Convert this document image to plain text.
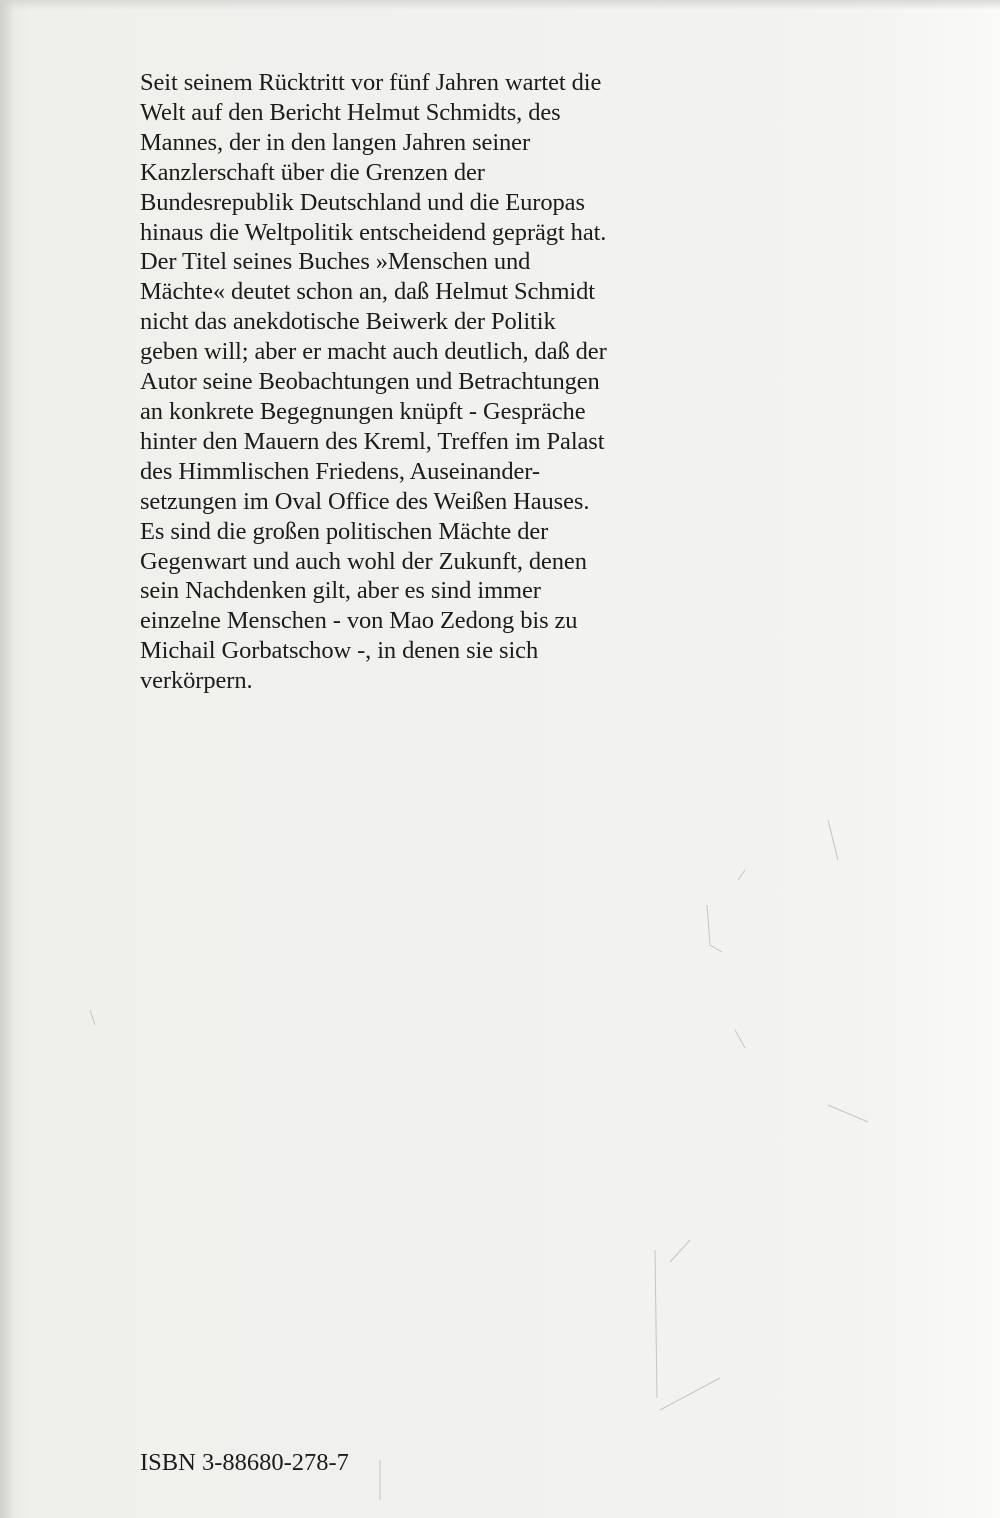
Seit seinem Rücktritt vor fünf Jahren wartet die
Welt auf den Bericht Helmut Schmidts, des
Mannes, der in den langen Jahren seiner
Kanzlerschaft über die Grenzen der
Bundesrepublik Deutschland und die Europas
hinaus die Weltpolitik entscheidend geprägt hat.
Der Titel seines Buches »Menschen und
Mächte« deutet schon an, daß Helmut Schmidt
nicht das anekdotische Beiwerk der Politik
geben will; aber er macht auch deutlich, daß der
Autor seine Beobachtungen und Betrachtungen
an konkrete Begegnungen knüpft - Gespräche
hinter den Mauern des Kreml, Treffen im Palast
des Himmlischen Friedens, Auseinander-
setzungen im Oval Office des Weißen Hauses.
Es sind die großen politischen Mächte der
Gegenwart und auch wohl der Zukunft, denen
sein Nachdenken gilt, aber es sind immer
einzelne Menschen - von Mao Zedong bis zu
Michail Gorbatschow -, in denen sie sich
verkörpern.
ISBN 3-88680-278-7
